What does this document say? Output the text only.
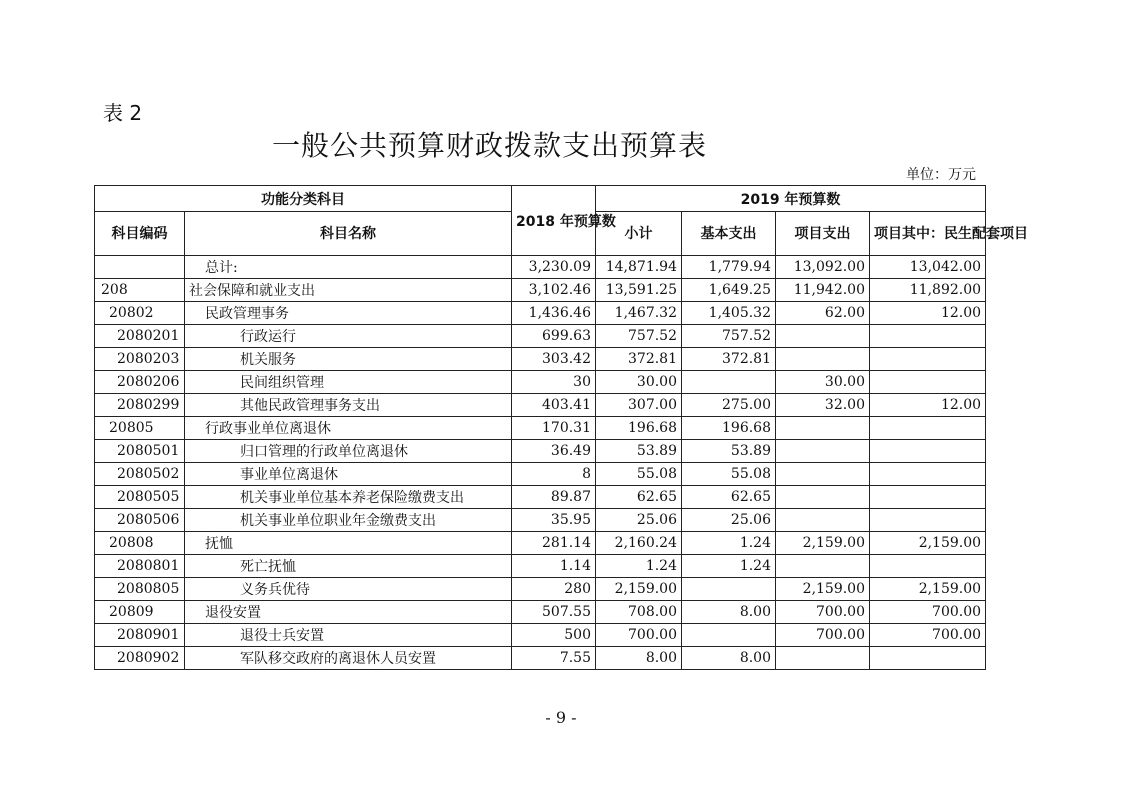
表 2
一般公共预算财政拨款支出预算表
单位：万元
功能分类科目		2018 年预算数	2019 年预算数			
科目编码	科目名称		小计	基本支出	项目支出	项目其中：民生配套项目
	总计:	3,230.09	14,871.94	1,779.94	13,092.00	13,042.00
208	社会保障和就业支出	3,102.46	13,591.25	1,649.25	11,942.00	11,892.00
20802	民政管理事务	1,436.46	1,467.32	1,405.32	62.00	12.00
2080201	行政运行	699.63	757.52	757.52		
2080203	机关服务	303.42	372.81	372.81		
2080206	民间组织管理	30	30.00		30.00	
2080299	其他民政管理事务支出	403.41	307.00	275.00	32.00	12.00
20805	行政事业单位离退休	170.31	196.68	196.68		
2080501	归口管理的行政单位离退休	36.49	53.89	53.89		
2080502	事业单位离退休	8	55.08	55.08		
2080505	机关事业单位基本养老保险缴费支出	89.87	62.65	62.65		
2080506	机关事业单位职业年金缴费支出	35.95	25.06	25.06		
20808	抚恤	281.14	2,160.24	1.24	2,159.00	2,159.00
2080801	死亡抚恤	1.14	1.24	1.24		
2080805	义务兵优待	280	2,159.00		2,159.00	2,159.00
20809	退役安置	507.55	708.00	8.00	700.00	700.00
2080901	退役士兵安置	500	700.00		700.00	700.00
2080902	军队移交政府的离退休人员安置	7.55	8.00	8.00		
- 9 -
